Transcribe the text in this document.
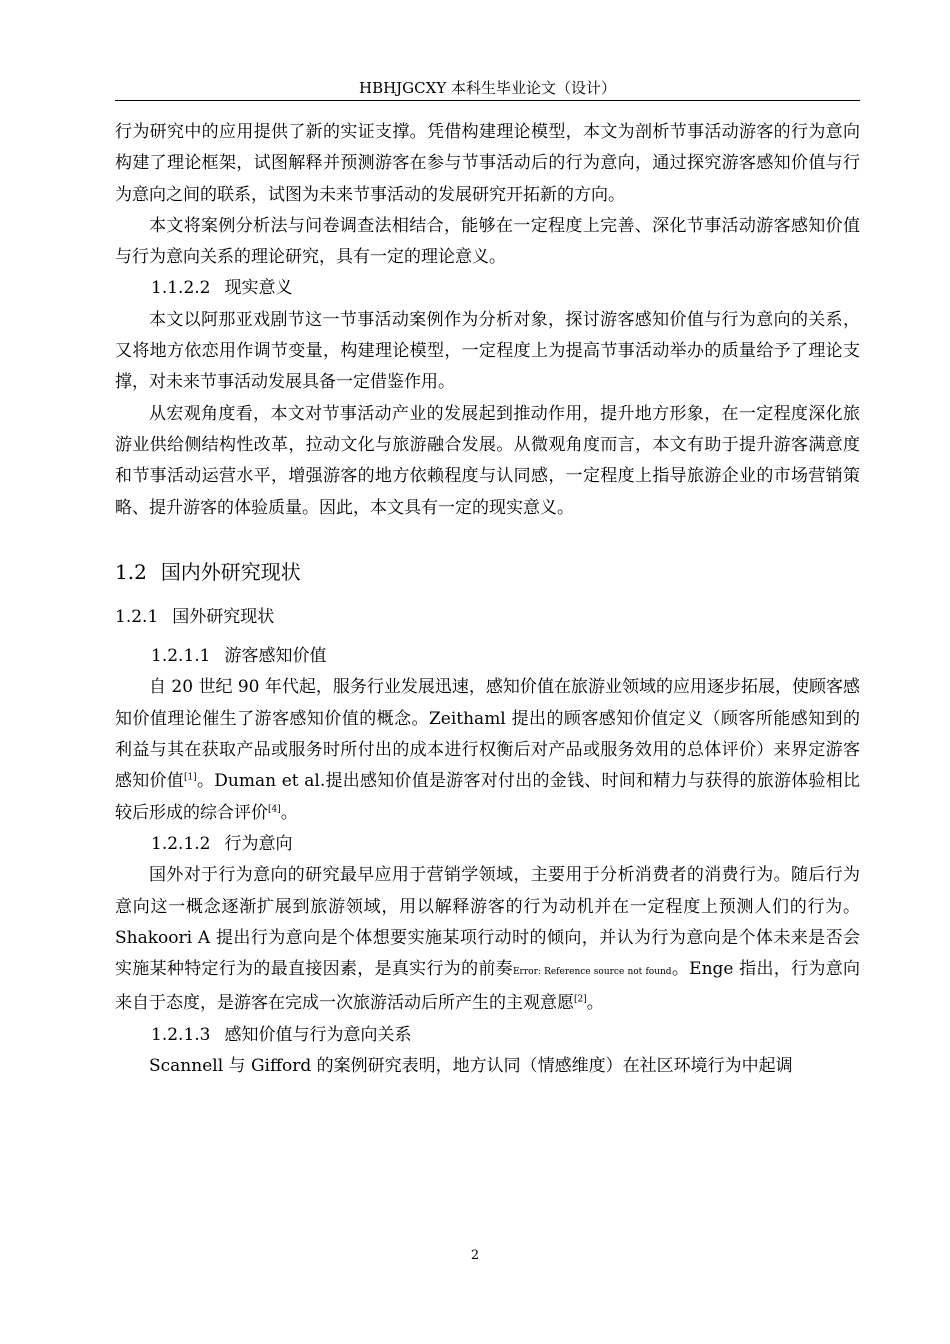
HBHJGCXY 本科生毕业论文（设计）

行为研究中的应用提供了新的实证支撑。凭借构建理论模型，本文为剖析节事活动游客的行为意向构建了理论框架，试图解释并预测游客在参与节事活动后的行为意向，通过探究游客感知价值与行为意向之间的联系，试图为未来节事活动的发展研究开拓新的方向。

本文将案例分析法与问卷调查法相结合，能够在一定程度上完善、深化节事活动游客感知价值与行为意向关系的理论研究，具有一定的理论意义。

1.1.2.2 现实意义

本文以阿那亚戏剧节这一节事活动案例作为分析对象，探讨游客感知价值与行为意向的关系，又将地方依恋用作调节变量，构建理论模型，一定程度上为提高节事活动举办的质量给予了理论支撑，对未来节事活动发展具备一定借鉴作用。

从宏观角度看，本文对节事活动产业的发展起到推动作用，提升地方形象，在一定程度深化旅游业供给侧结构性改革，拉动文化与旅游融合发展。从微观角度而言，本文有助于提升游客满意度和节事活动运营水平，增强游客的地方依赖程度与认同感，一定程度上指导旅游企业的市场营销策略、提升游客的体验质量。因此，本文具有一定的现实意义。

1.2 国内外研究现状

1.2.1 国外研究现状

1.2.1.1 游客感知价值

自 20 世纪 90 年代起，服务行业发展迅速，感知价值在旅游业领域的应用逐步拓展，使顾客感知价值理论催生了游客感知价值的概念。Zeithaml 提出的顾客感知价值定义（顾客所能感知到的利益与其在获取产品或服务时所付出的成本进行权衡后对产品或服务效用的总体评价）来界定游客感知价值[1]。Duman et al.提出感知价值是游客对付出的金钱、时间和精力与获得的旅游体验相比较后形成的综合评价[4]。

1.2.1.2 行为意向

国外对于行为意向的研究最早应用于营销学领域，主要用于分析消费者的消费行为。随后行为意向这一概念逐渐扩展到旅游领域，用以解释游客的行为动机并在一定程度上预测人们的行为。Shakoori A 提出行为意向是个体想要实施某项行动时的倾向，并认为行为意向是个体未来是否会实施某种特定行为的最直接因素，是真实行为的前奏Error: Reference source not found。Enge 指出，行为意向来自于态度，是游客在完成一次旅游活动后所产生的主观意愿[2]。

1.2.1.3 感知价值与行为意向关系

Scannell 与 Gifford 的案例研究表明，地方认同（情感维度）在社区环境行为中起调

2
